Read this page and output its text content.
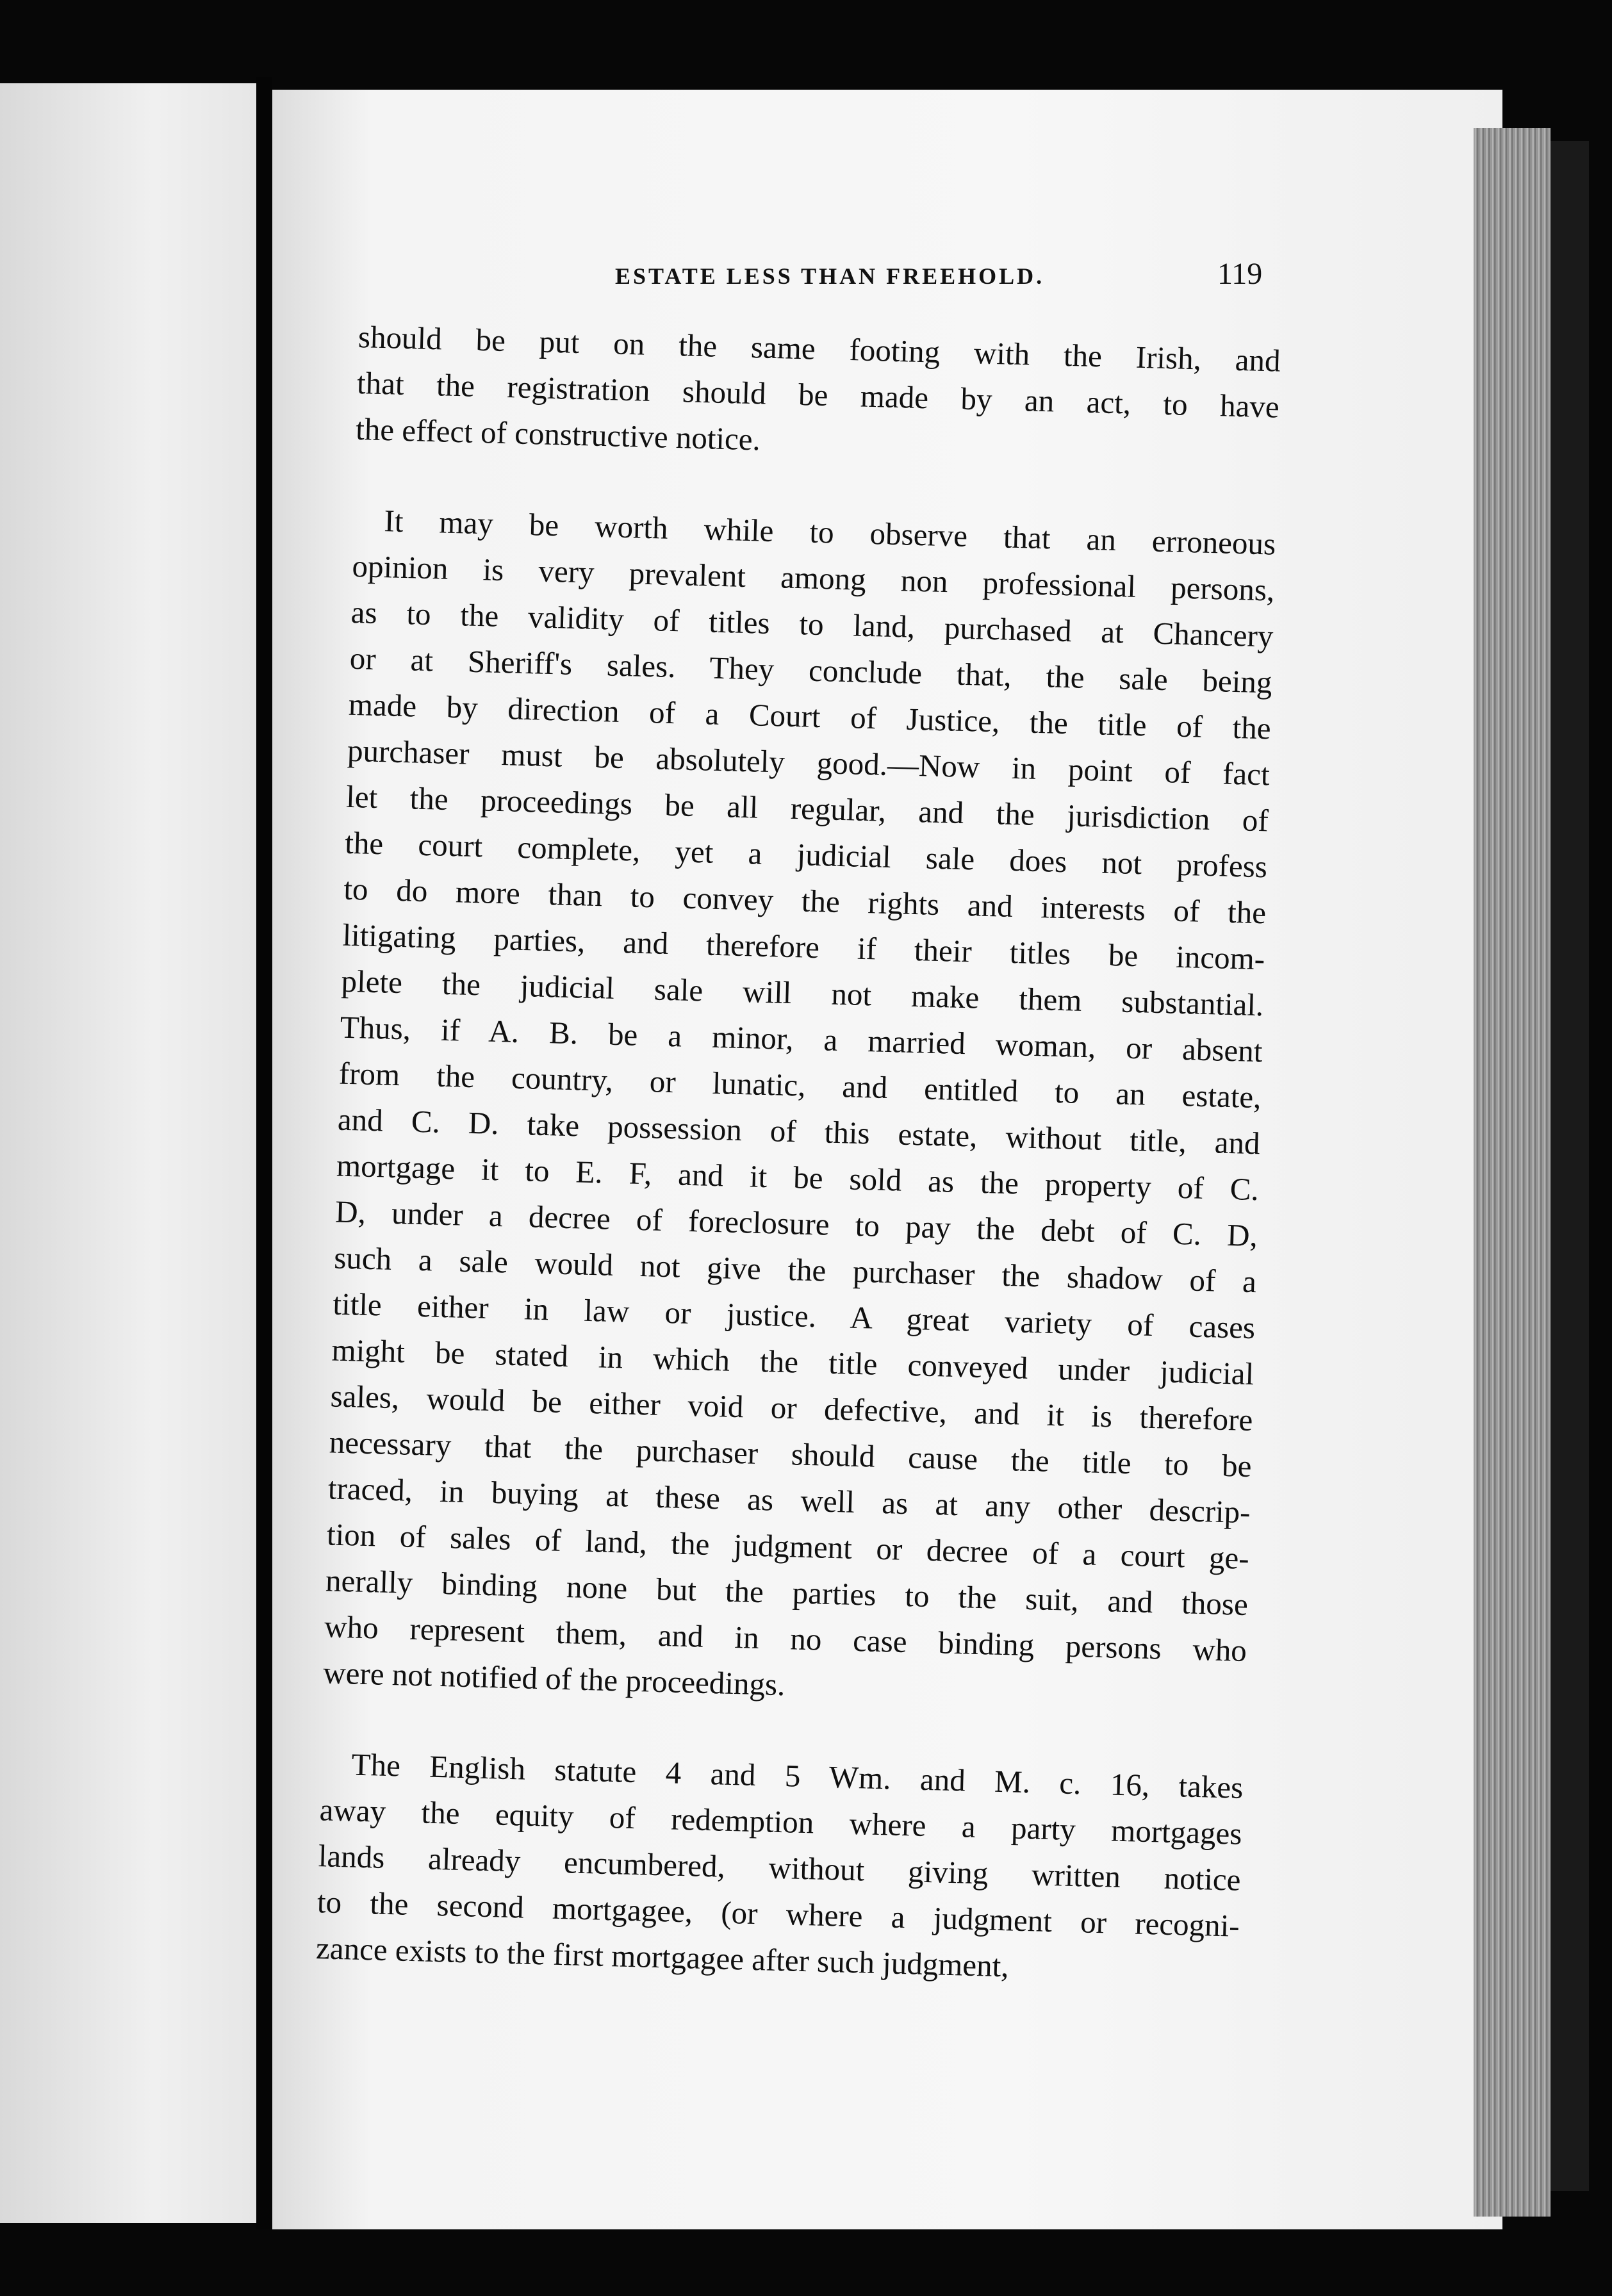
ESTATE LESS THAN FREEHOLD.	119
should be put on the same footing with the Irish, and
that the registration should be made by an act, to have
the effect of constructive notice.
It may be worth while to observe that an erroneous
opinion is very prevalent among non professional persons,
as to the validity of titles to land, purchased at Chancery
or at Sheriff's sales. They conclude that, the sale being
made by direction of a Court of Justice, the title of the
purchaser must be absolutely good.—Now in point of fact
let the proceedings be all regular, and the jurisdiction of
the court complete, yet a judicial sale does not profess
to do more than to convey the rights and interests of the
litigating parties, and therefore if their titles be incom-
plete the judicial sale will not make them substantial.
Thus, if A. B. be a minor, a married woman, or absent
from the country, or lunatic, and entitled to an estate,
and C. D. take possession of this estate, without title, and
mortgage it to E. F, and it be sold as the property of C.
D, under a decree of foreclosure to pay the debt of C. D,
such a sale would not give the purchaser the shadow of a
title either in law or justice. A great variety of cases
might be stated in which the title conveyed under judicial
sales, would be either void or defective, and it is therefore
necessary that the purchaser should cause the title to be
traced, in buying at these as well as at any other descrip-
tion of sales of land, the judgment or decree of a court ge-
nerally binding none but the parties to the suit, and those
who represent them, and in no case binding persons who
were not notified of the proceedings.
The English statute 4 and 5 Wm. and M. c. 16, takes
away the equity of redemption where a party mortgages
lands already encumbered, without giving written notice
to the second mortgagee, (or where a judgment or recogni-
zance exists to the first mortgagee after such judgment,
